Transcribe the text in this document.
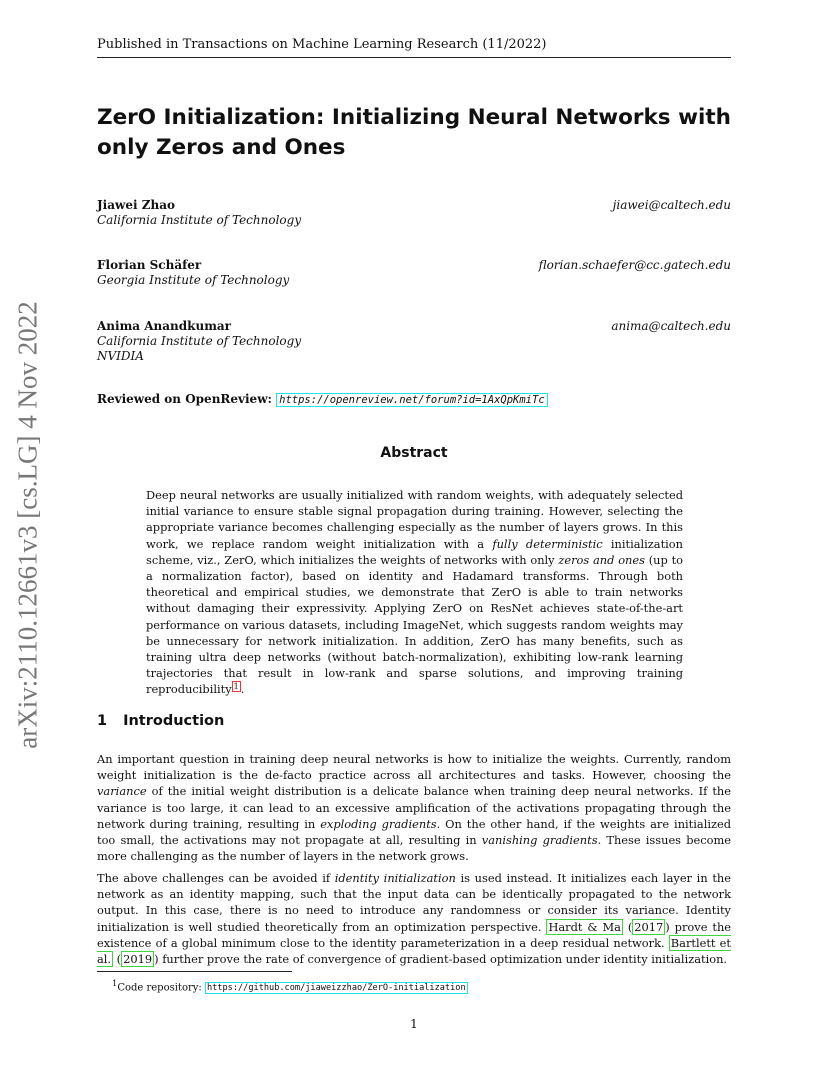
Published in Transactions on Machine Learning Research (11/2022)
arXiv:2110.12661v3 [cs.LG] 4 Nov 2022
ZerO Initialization: Initializing Neural Networks with only Zeros and Ones
Jiawei Zhao
California Institute of Technology
jiawei@caltech.edu
Florian Schäfer
Georgia Institute of Technology
florian.schaefer@cc.gatech.edu
Anima Anandkumar
California Institute of Technology
NVIDIA
anima@caltech.edu
Reviewed on OpenReview: https://openreview.net/forum?id=1AxQpKmiTc
Abstract

Deep neural networks are usually initialized with random weights, with adequately selected initial variance to ensure stable signal propagation during training. However, selecting the appropriate variance becomes challenging especially as the number of layers grows. In this work, we replace random weight initialization with a fully deterministic initialization scheme, viz., ZerO, which initializes the weights of networks with only zeros and ones (up to a normalization factor), based on identity and Hadamard transforms. Through both theoretical and empirical studies, we demonstrate that ZerO is able to train networks without damaging their expressivity. Applying ZerO on ResNet achieves state-of-the-art performance on various datasets, including ImageNet, which suggests random weights may be unnecessary for network initialization. In addition, ZerO has many benefits, such as training ultra deep networks (without batch-normalization), exhibiting low-rank learning trajectories that result in low-rank and sparse solutions, and improving training reproducibility $^1$ .

1 Introduction

An important question in training deep neural networks is how to initialize the weights. Currently, random weight initialization is the de-facto practice across all architectures and tasks. However, choosing the variance of the initial weight distribution is a delicate balance when training deep neural networks. If the variance is too large, it can lead to an excessive amplification of the activations propagating through the network during training, resulting in exploding gradients. On the other hand, if the weights are initialized too small, the activations may not propagate at all, resulting in vanishing gradients. These issues become more challenging as the number of layers in the network grows.

The above challenges can be avoided if identity initialization is used instead. It initializes each layer in the network as an identity mapping, such that the input data can be identically propagated to the network output. In this case, there is no need to introduce any randomness or consider its variance. Identity initialization is well studied theoretically from an optimization perspective. Hardt & Ma ( 2017 ) prove the existence of a global minimum close to the identity parameterization in a deep residual network. Bartlett et al. ( 2019 ) further prove the rate of convergence of gradient-based optimization under identity initialization.

$^1$Code repository: https://github.com/jiaweizzhao/ZerO-initialization
1
